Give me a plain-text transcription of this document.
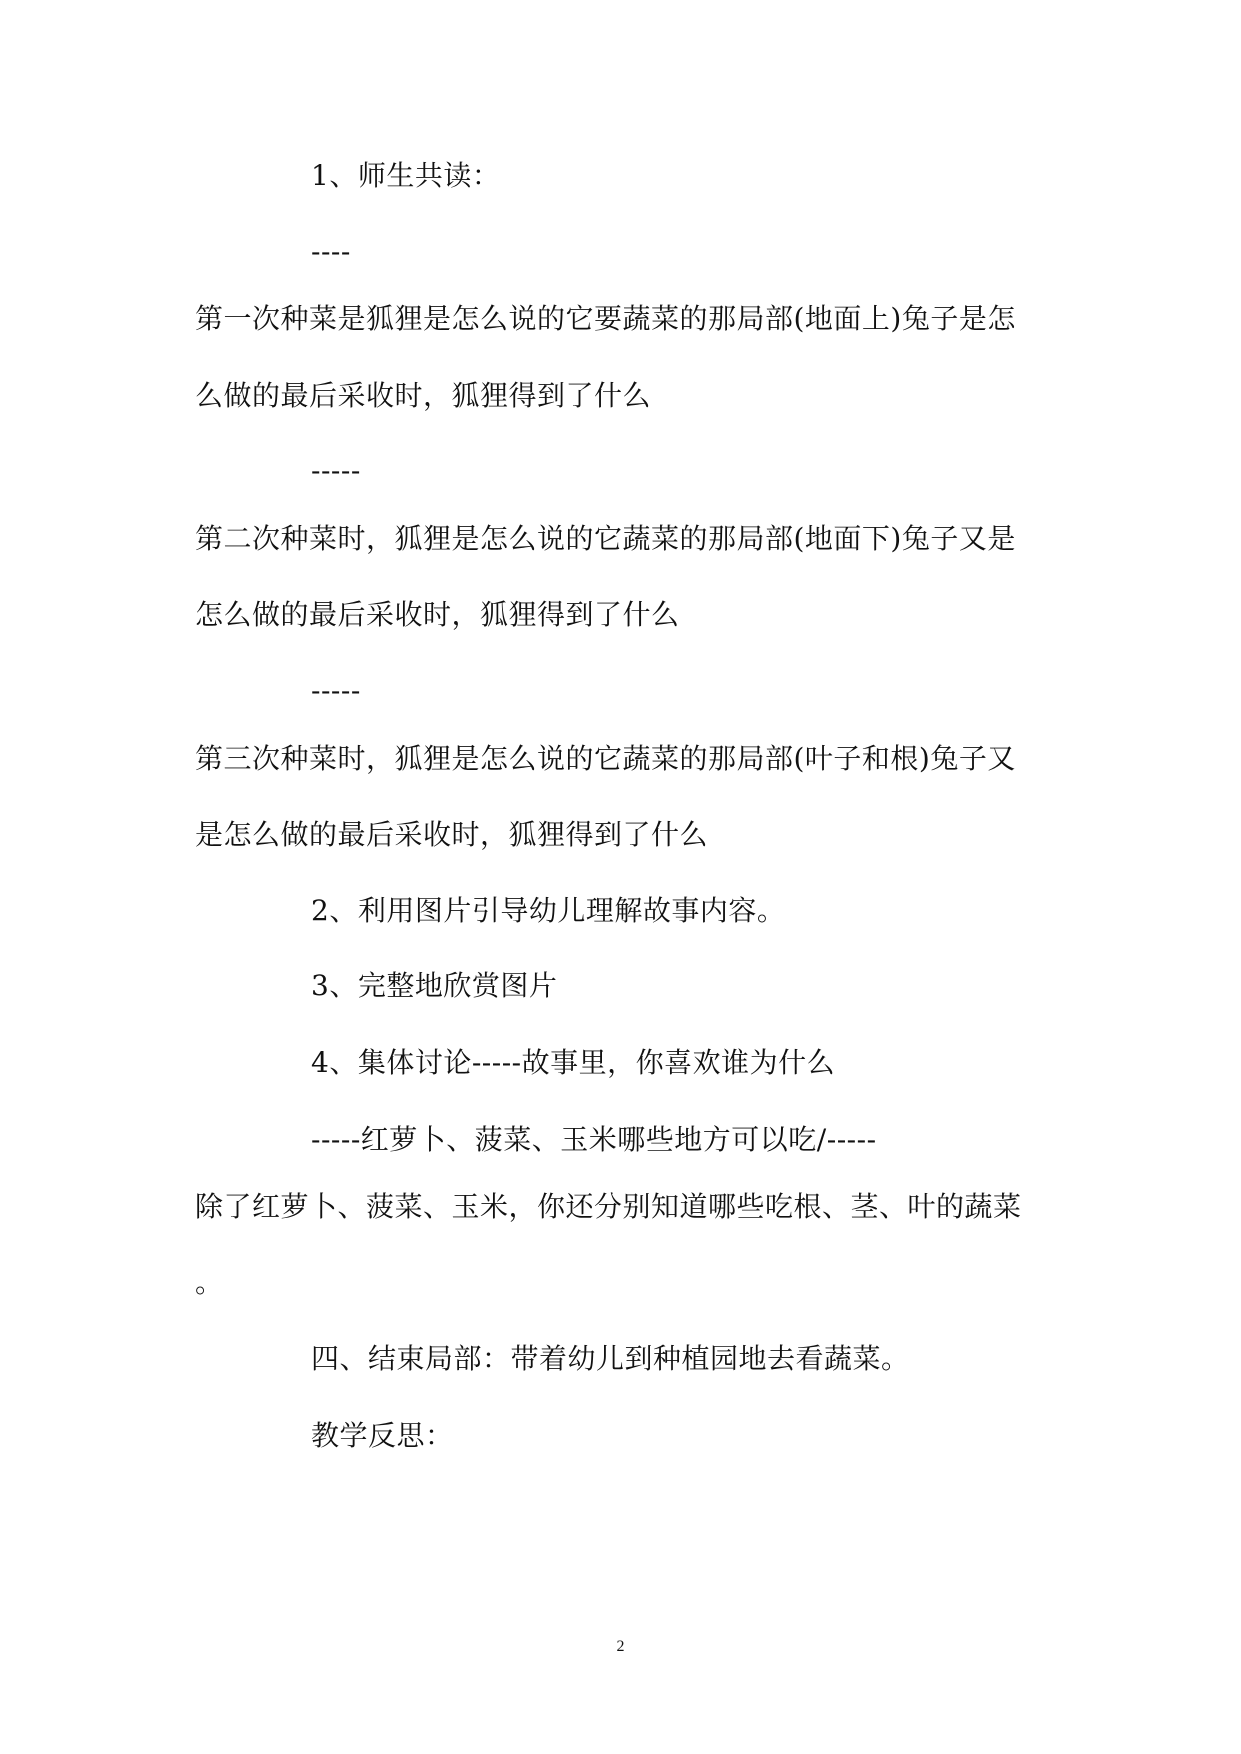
1、师生共读：
----
第一次种菜是狐狸是怎么说的它要蔬菜的那局部(地面上)兔子是怎
么做的最后采收时，狐狸得到了什么
-----
第二次种菜时，狐狸是怎么说的它蔬菜的那局部(地面下)兔子又是
怎么做的最后采收时，狐狸得到了什么
-----
第三次种菜时，狐狸是怎么说的它蔬菜的那局部(叶子和根)兔子又
是怎么做的最后采收时，狐狸得到了什么
2、利用图片引导幼儿理解故事内容。
3、完整地欣赏图片
4、集体讨论-----故事里，你喜欢谁为什么
-----红萝卜、菠菜、玉米哪些地方可以吃/-----
除了红萝卜、菠菜、玉米，你还分别知道哪些吃根、茎、叶的蔬菜
。
四、结束局部：带着幼儿到种植园地去看蔬菜。
教学反思：
2
